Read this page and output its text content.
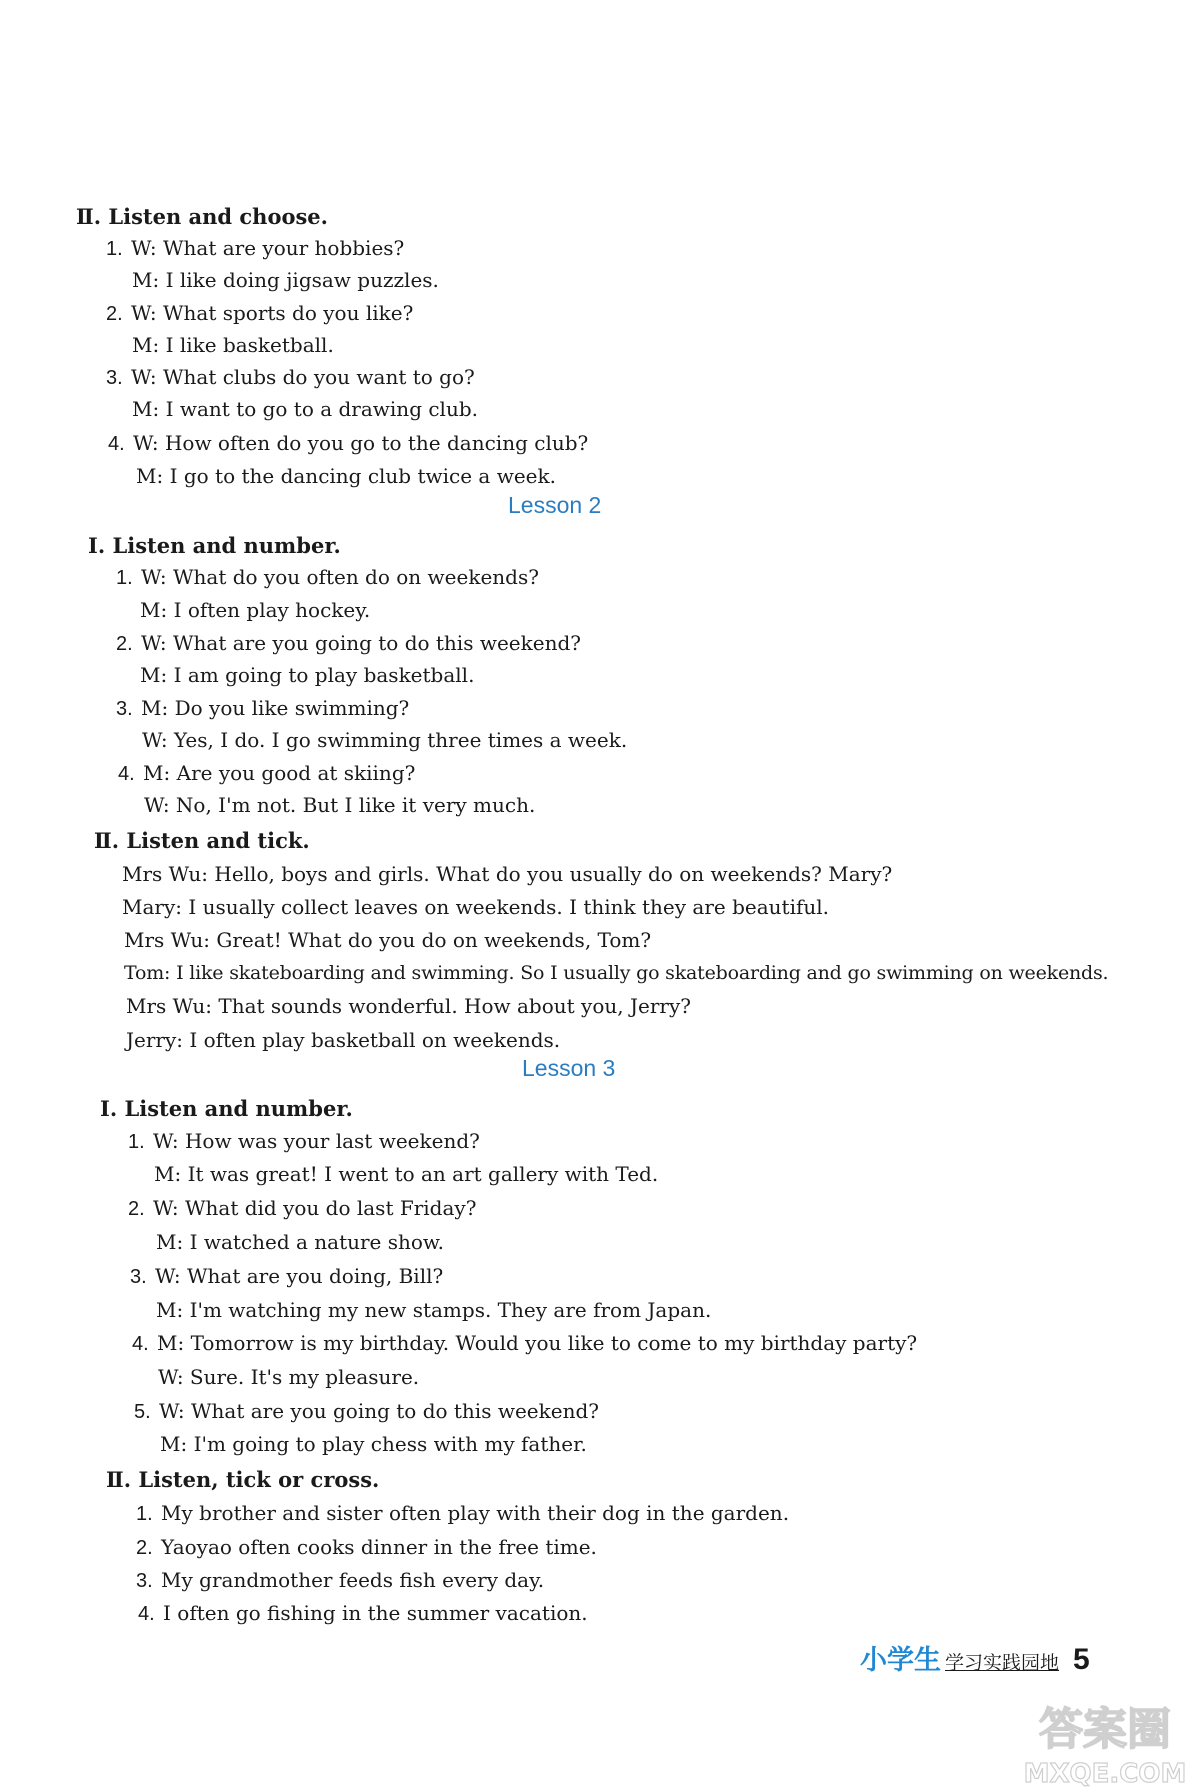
Ⅱ. Listen and choose.
1. W: What are your hobbies?
M: I like doing jigsaw puzzles.
2. W: What sports do you like?
M: I like basketball.
3. W: What clubs do you want to go?
M: I want to go to a drawing club.
4. W: How often do you go to the dancing club?
M: I go to the dancing club twice a week.
Lesson 2
Ⅰ. Listen and number.
1. W: What do you often do on weekends?
M: I often play hockey.
2. W: What are you going to do this weekend?
M: I am going to play basketball.
3. M: Do you like swimming?
W: Yes, I do. I go swimming three times a week.
4. M: Are you good at skiing?
W: No, I'm not. But I like it very much.
Ⅱ. Listen and tick.
Mrs Wu: Hello, boys and girls. What do you usually do on weekends? Mary?
Mary: I usually collect leaves on weekends. I think they are beautiful.
Mrs Wu: Great! What do you do on weekends, Tom?
Tom: I like skateboarding and swimming. So I usually go skateboarding and go swimming on weekends.
Mrs Wu: That sounds wonderful. How about you, Jerry?
Jerry: I often play basketball on weekends.
Lesson 3
Ⅰ. Listen and number.
1. W: How was your last weekend?
M: It was great! I went to an art gallery with Ted.
2. W: What did you do last Friday?
M: I watched a nature show.
3. W: What are you doing, Bill?
M: I'm watching my new stamps. They are from Japan.
4. M: Tomorrow is my birthday. Would you like to come to my birthday party?
W: Sure. It's my pleasure.
5. W: What are you going to do this weekend?
M: I'm going to play chess with my father.
Ⅱ. Listen, tick or cross.
1. My brother and sister often play with their dog in the garden.
2. Yaoyao often cooks dinner in the free time.
3. My grandmother feeds fish every day.
4. I often go fishing in the summer vacation.
小学生 学习实践园地 5
答案圈
MXQE.COM
